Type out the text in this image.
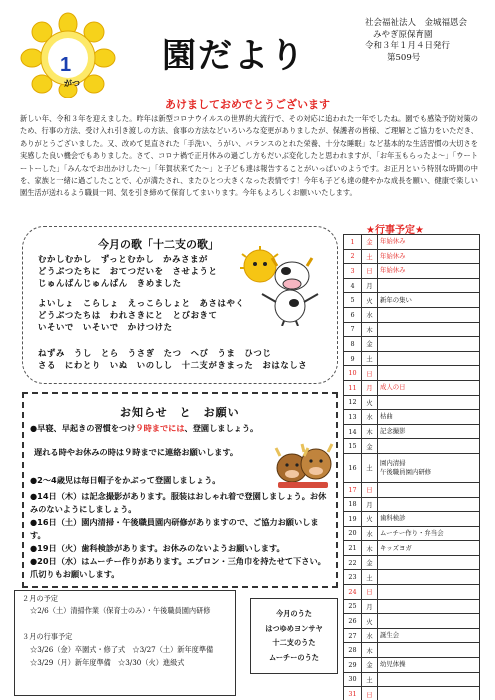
1
がつ
園だより
社会福祉法人　金城福恩会
みやぎ原保育園
令和３年１月４日発行
第509号
あけましておめでとうございます
新しい年、令和３年を迎えました。昨年は新型コロナウイルスの世界的大流行で、その対応に追われた一年でしたね。園でも感染予防対策のため、行事の方法、受け入れ引き渡しの方法、食事の方法などいろいろな変更がありましたが、保護者の皆様、ご理解とご協力をいただき、ありがとうございました。又、改めて見直された「手洗い、うがい、バランスのとれた栄養、十分な睡眠」など基本的な生活習慣の大切さを実感した良い機会でもありました。さて、コロナ禍で正月休みの過ごし方もだいぶ変化したと思われますが、「お年玉もらったよ～」「ウートートーした」「みんなでお出かけした～」「年賀状来てた～」と子ども達は報告することがいっぱいのようです。お正月という特別な時間の中を、家族と一緒に過ごしたことで、心が満たされ、またひとつ大きくなった表情です！今年も子ども達の健やかな成長を願い、健康で楽しい園生活が送れるよう職員一同、気を引き締めて保育してまいります。今年もよろしくお願いいたします。
今月の歌「十二支の歌」
むかしむかし　ずっとむかし　かみさまが
どうぶつたちに　おてつだいを　させようと
じゅんばんじゅんばん　きめました
よいしょ　こらしょ　えっこらしょと　あさはやく
どうぶつたちは　われさきにと　とびおきて
いそいで　いそいで　かけつけた
ねずみ　うし　とら　うさぎ　たつ　へび　うま　ひつじ
さる　にわとり　いぬ　いのしし　十二支がきまった　おはなしさ
お知らせ　と　お願い
●早寝、早起きの習慣をつけ９時までには、登園しましょう。
遅れる時やお休みの時は９時までに連絡お願いします。
●2～4歳児は毎日帽子をかぶって登園しましょう。
●14日（木）は記念撮影があります。服装はおしゃれ着で登園しましょう。お休みのないようにしましょう。
●16日（土）園内清掃・午後職員園内研修がありますので、ご協力お願いします。
●19日（火）歯科検診があります。お休みのないようお願いします。
●20日（水）はムーチー作りがあります。エプロン・三角巾を持たせて下さい。爪切りもお願いします。
２月の予定
☆2/6（土）清掃作業（保育士のみ）・午後職員園内研修
３月の行事予定
☆3/26（金）卒園式・修了式　☆3/27（土）新年度準備
☆3/29（月）新年度準備　☆3/30（火）進級式
今月のうた
はつゆめヨンサヤ
十二支のうた
ムーチーのうた
★行事予定★
1	金	年始休み
2	土	年始休み
3	日	年始休み
4	月	
5	火	新年の集い
6	水	
7	木	
8	金	
9	土	
10	日	
11	月	成人の日
12	火	
13	水	枯曲
14	木	記念撮影
15	金	
16	土	園内清掃
午後職員園内研修
17	日	
18	月	
19	火	歯科検診
20	水	ムーチー作り・弁当会
21	木	キッズヨガ
22	金	
23	土	
24	日	
25	月	
26	火	
27	水	誕生会
28	木	
29	金	幼児体操
30	土	
31	日	
